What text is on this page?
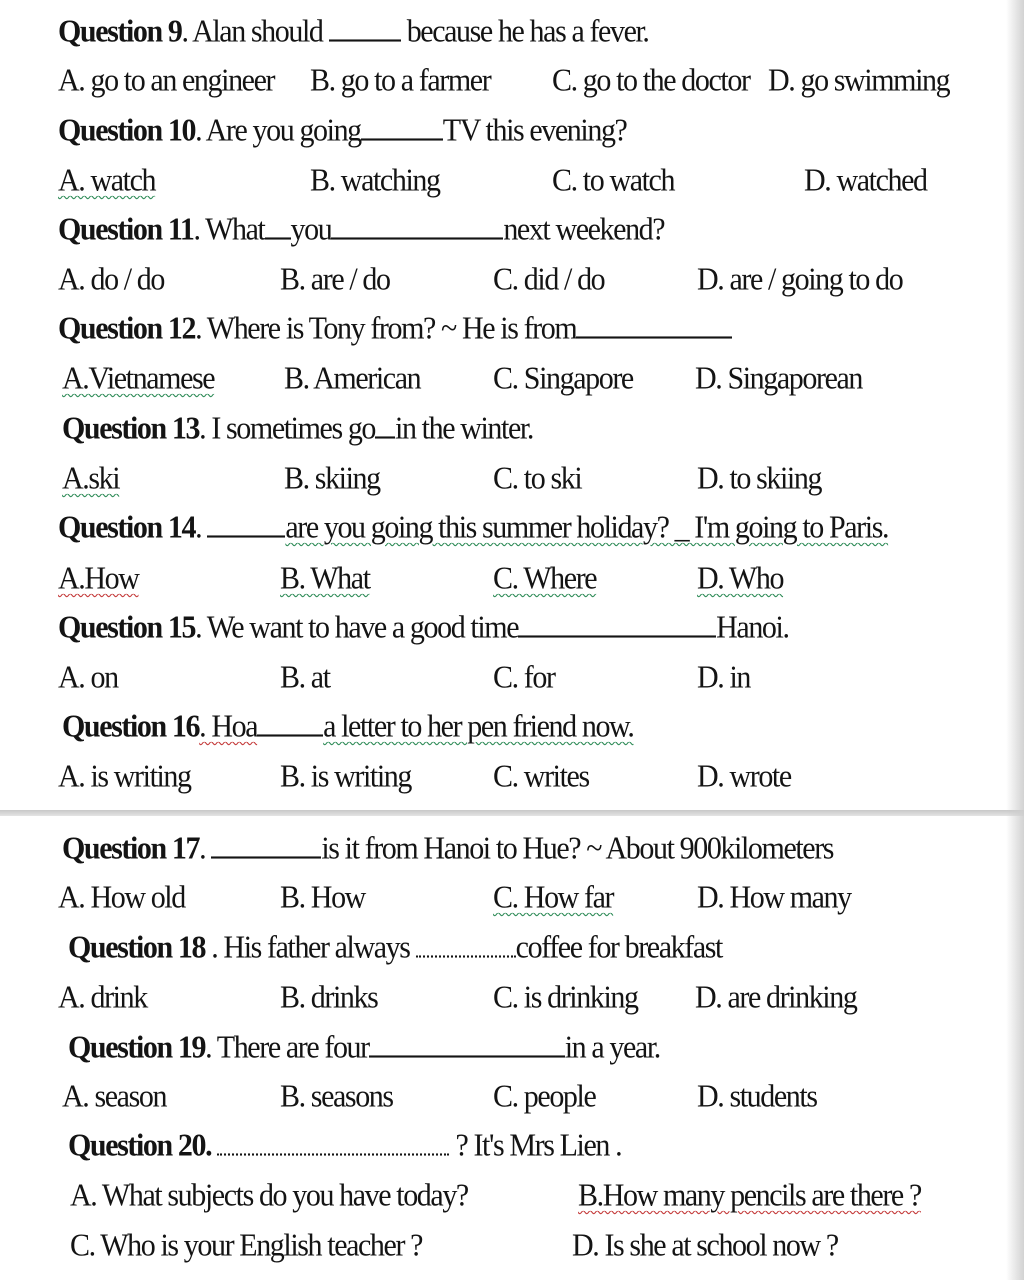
Question 9. Alan should  because he has a fever.
A. go to an engineer B. go to a farmer C. go to the doctor D. go swimming
Question 10. Are you going	TV this evening?
A. watch	B. watching	C. to watch	D. watched
Question 11. What you	next weekend?
A. do / do	B. are / do	C. did / do	D. are / going to do
Question 12. Where is Tony from? ~ He is from
A.Vietnamese B. American C. Singapore D. Singaporean
Question 13. I sometimes go in the winter.
A.ski	B. skiing	C. to ski	D. to skiing
Question 14.	are you going this summer holiday? _ I'm going to Paris.
A.How	B. What	C. Where	D. Who
Question 15. We want to have a good time	Hanoi.
A. on	B. at	C. for	D. in
Question 16. Hoa a letter to her pen friend now.
A. is writing	B. is writing	C. writes	D. wrote
Question 17.	is it from Hanoi to Hue? ~ About 900kilometers
A. How old	B. How	C. How far	D. How many
Question 18 . His father always	coffee for breakfast
A. drink	B. drinks	C. is drinking D. are drinking
Question 19. There are four	in a year.
A. season	B. seasons	C. people	D. students
Question 20.	? It's Mrs Lien .
A. What subjects do you have today?	B.How many pencils are there ?
C. Who is your English teacher ?	D. Is she at school now ?
